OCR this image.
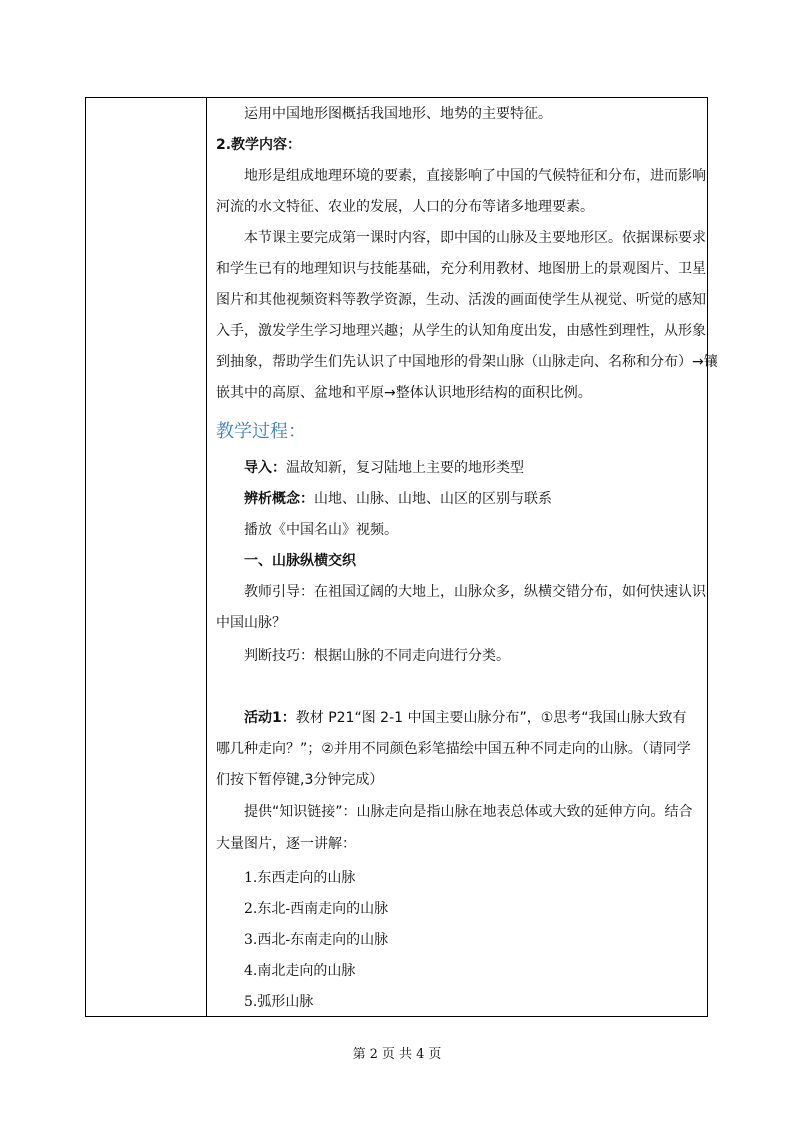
运用中国地形图概括我国地形、地势的主要特征。
2.教学内容：
地形是组成地理环境的要素，直接影响了中国的气候特征和分布，进而影响
河流的水文特征、农业的发展，人口的分布等诸多地理要素。
本节课主要完成第一课时内容，即中国的山脉及主要地形区。依据课标要求
和学生已有的地理知识与技能基础，充分利用教材、地图册上的景观图片、卫星
图片和其他视频资料等教学资源，生动、活泼的画面使学生从视觉、听觉的感知
入手，激发学生学习地理兴趣；从学生的认知角度出发，由感性到理性，从形象
到抽象，帮助学生们先认识了中国地形的骨架山脉（山脉走向、名称和分布）→镶
嵌其中的高原、盆地和平原→整体认识地形结构的面积比例。
教学过程：
导入：温故知新，复习陆地上主要的地形类型
辨析概念：山地、山脉、山地、山区的区别与联系
播放《中国名山》视频。
一、山脉纵横交织
教师引导：在祖国辽阔的大地上，山脉众多，纵横交错分布，如何快速认识
中国山脉？
判断技巧：根据山脉的不同走向进行分类。
活动1：教材 P21“图 2-1 中国主要山脉分布”，①思考“我国山脉大致有
哪几种走向？”；②并用不同颜色彩笔描绘中国五种不同走向的山脉。（请同学
们按下暂停键,3分钟完成）
提供“知识链接”：山脉走向是指山脉在地表总体或大致的延伸方向。结合
大量图片，逐一讲解：
1.东西走向的山脉
2.东北-西南走向的山脉
3.西北-东南走向的山脉
4.南北走向的山脉
5.弧形山脉
第 2 页 共 4 页
